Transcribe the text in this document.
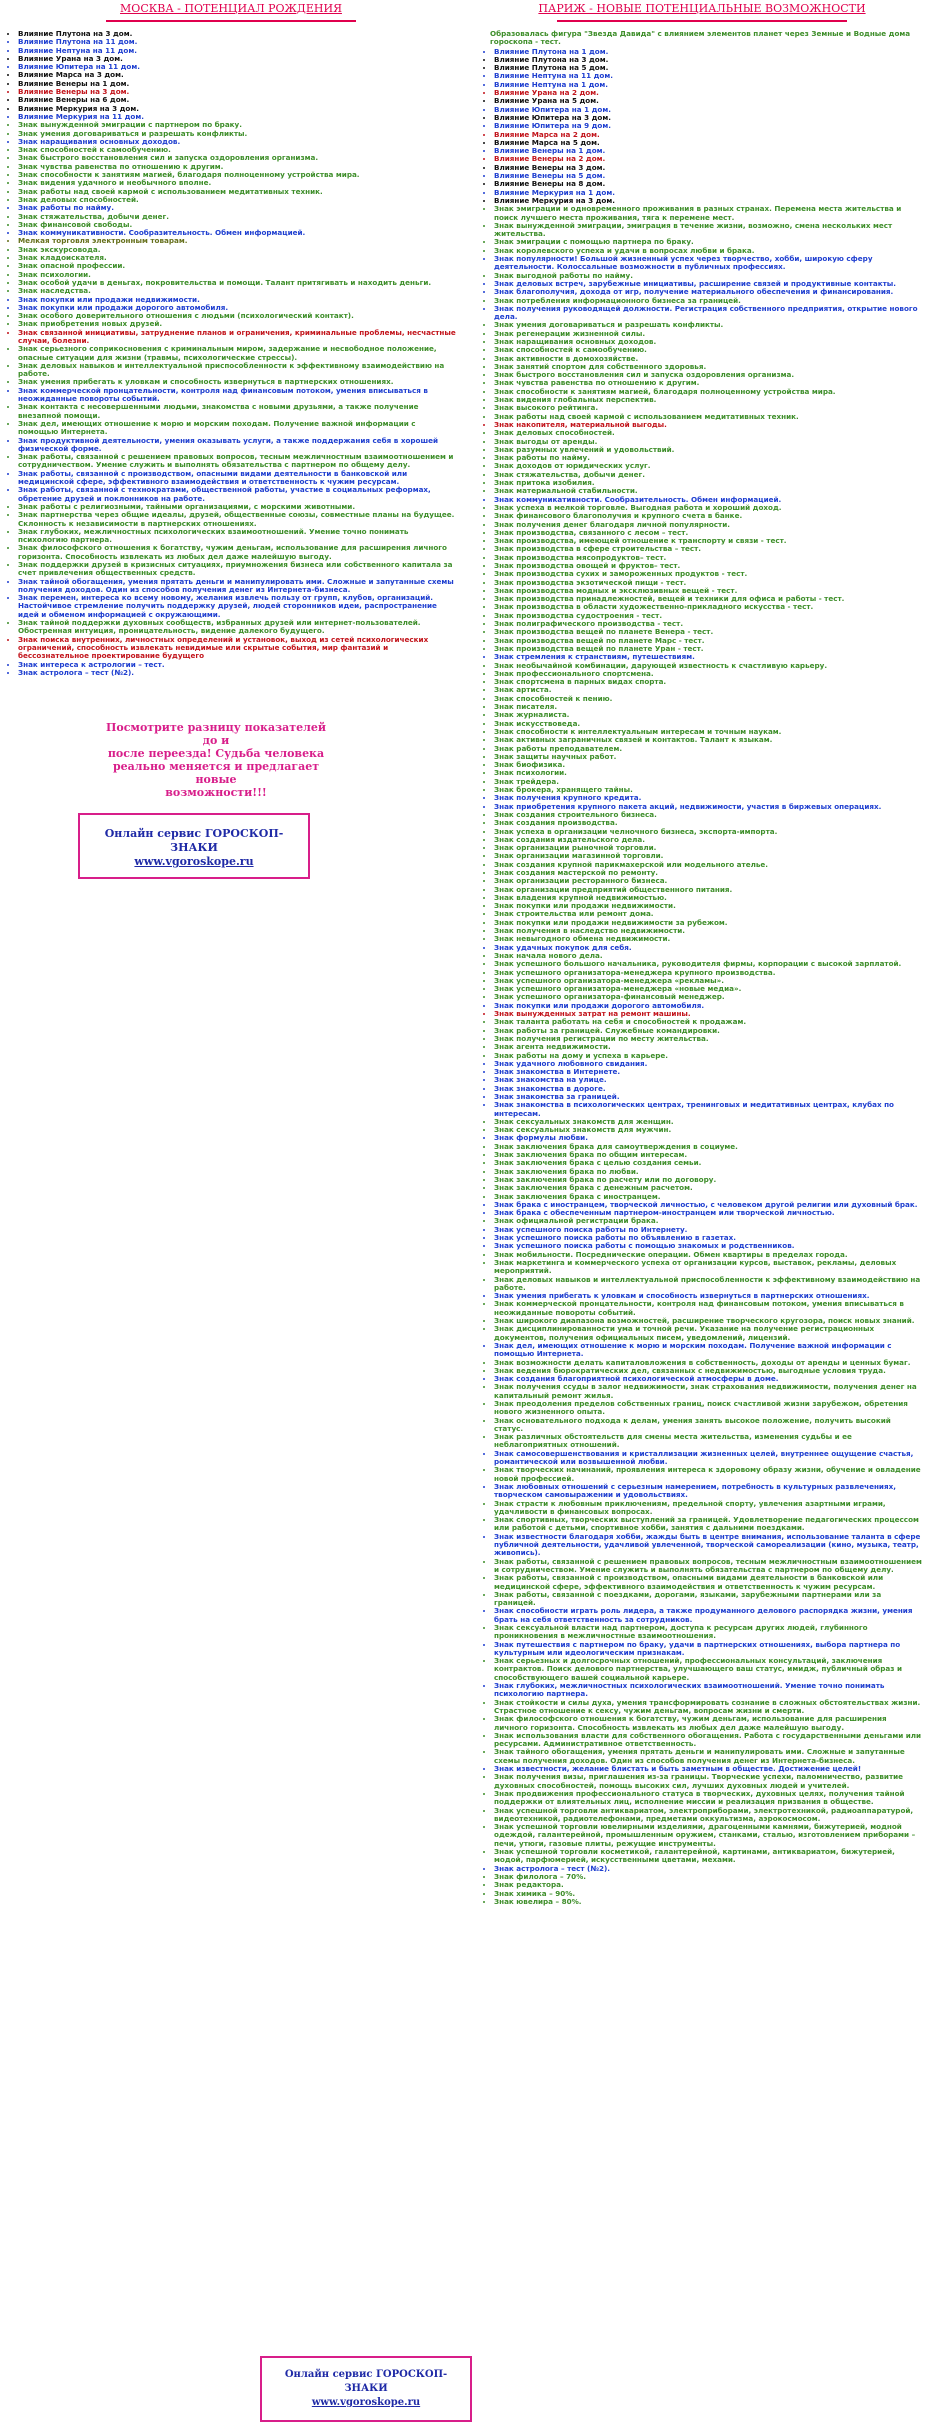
МОСКВА - ПОТЕНЦИАЛ РОЖДЕНИЯ
• Влияние Плутона на 3 дом.
• Влияние Плутона на 11 дом.
• Влияние Нептуна на 11 дом.
• Влияние Урана на 3 дом.
• Влияние Юпитера на 11 дом.
• Влияние Марса на 3 дом.
• Влияние Венеры на 1 дом.
• Влияние Венеры на 3 дом.
• Влияние Венеры на 6 дом.
• Влияние Меркурия на 3 дом.
• Влияние Меркурия на 11 дом.
• Знак вынужденной эмиграции с партнером по браку.
• Знак умения договариваться и разрешать конфликты.
• Знак наращивания основных доходов.
• Знак способностей к самообучению.
• Знак быстрого восстановления сил и запуска оздоровления организма.
• Знак чувства равенства по отношению к другим.
• Знак способности к занятиям магией, благодаря полноценному устройства мира.
• Знак видения удачного и необычного вполне.
• Знак работы над своей кармой с использованием медитативных техник.
• Знак деловых способностей.
• Знак работы по найму.
• Знак стяжательства, добычи денег.
• Знак финансовой свободы.
• Знак коммуникативности. Сообразительность. Обмен информацией.
• Мелкая торговля электронным товарам.
• Знак экскурсовода.
• Знак кладоискателя.
• Знак опасной профессии.
• Знак психологии.
• Знак особой удачи в деньгах, покровительства и помощи. Талант притягивать и находить деньги.
• Знак наследства.
• Знак покупки или продажи недвижимости.
• Знак покупки или продажи дорогого автомобиля.
• Знак особого доверительного отношения с людьми (психологический контакт).
• Знак приобретения новых друзей.
• Знак связанной инициативы, затруднение планов и ограничения, криминальные проблемы, несчастные случаи, болезни.
• Знак серьезного соприкосновения с криминальным миром, задержание и несвободное положение, опасные ситуации для жизни (травмы, психологические стрессы).
• Знак деловых навыков и интеллектуальной приспособленности к эффективному взаимодействию на работе.
• Знак умения прибегать к уловкам и способность извернуться в партнерских отношениях.
• Знак коммерческой пронцательности, контроля над финансовым потоком, умения вписываться в неожиданные повороты событий.
• Знак контакта с несовершенными людьми, знакомства с новыми друзьями, а также получение внезапной помощи.
• Знак дел, имеющих отношение к морю и морским походам. Получение важной информации с помощью Интернета.
• Знак продуктивной деятельности, умения оказывать услуги, а также поддержания себя в хорошей физической форме.
• Знак работы, связанной с решением правовых вопросов, тесным межличностным взаимоотношением и сотрудничеством. Умение служить и выполнять обязательства с партнером по общему делу.
• Знак работы, связанной с производством, опасными видами деятельности в банковской или медицинской сфере, эффективного взаимодействия и ответственность к чужим ресурсам.
• Знак работы, связанной с технократами, общественной работы, участие в социальных реформах, обретение друзей и поклонников на работе.
• Знак работы с религиозными, тайными организациями, с морскими животными.
• Знак партнерства через общие идеалы, друзей, общественные союзы, совместные планы на будущее. Склонность к независимости в партнерских отношениях.
• Знак глубоких, межличностных психологических взаимоотношений. Умение точно понимать психологию партнера.
• Знак философского отношения к богатству, чужим деньгам, использование для расширения личного горизонта. Способность извлекать из любых дел даже малейшую выгоду.
• Знак поддержки друзей в кризисных ситуациях, приумножения бизнеса или собственного капитала за счет привлечения общественных средств.
• Знак тайной обогащения, умения прятать деньги и манипулировать ими. Сложные и запутанные схемы получения доходов. Один из способов получения денег из Интернета-бизнеса.
• Знак перемен, интереса ко всему новому, желания извлечь пользу от групп, клубов, организаций. Настойчивое стремление получить поддержку друзей, людей сторонников идеи, распространение идей и обменом информацией с окружающими.
• Знак тайной поддержки духовных сообществ, избранных друзей или интернет-пользователей. Обостренная интуиция, проницательность, видение далекого будущего.
• Знак поиска внутренних, личностных определений и установок, выход из сетей психологических ограничений, способность извлекать невидимые или скрытые события, мир фантазий и бессознательное проектирование будущего
• Знак интереса к астрологии – тест.
• Знак астролога – тест (№2).
Посмотрите разницу показателей до и
после переезда! Судьба человека
реально меняется и предлагает новые
возможности!!!
Онлайн сервис ГОРОСКОП-ЗНАКИ
www.vgoroskope.ru
ПАРИЖ - НОВЫЕ ПОТЕНЦИАЛЬНЫЕ ВОЗМОЖНОСТИ
Образовалась фигура "Звезда Давида" с влиянием элементов планет через Земные и Водные дома гороскопа - тест.
• Влияние Плутона на 1 дом.
• Влияние Плутона на 3 дом.
• Влияние Плутона на 5 дом.
• Влияние Нептуна на 11 дом.
• Влияние Нептуна на 1 дом.
• Влияние Урана на 2 дом.
• Влияние Урана на 5 дом.
• Влияние Юпитера на 1 дом.
• Влияние Юпитера на 3 дом.
• Влияние Юпитера на 9 дом.
• Влияние Марса на 2 дом.
• Влияние Марса на 5 дом.
• Влияние Венеры на 1 дом.
• Влияние Венеры на 2 дом.
• Влияние Венеры на 3 дом.
• Влияние Венеры на 5 дом.
• Влияние Венеры на 8 дом.
• Влияние Меркурия на 1 дом.
• Влияние Меркурия на 3 дом.
• Знак эмиграции и одновременного проживания в разных странах. Перемена места жительства и поиск лучшего места проживания, тяга к перемене мест.
• Знак вынужденной эмиграции, эмиграция в течение жизни, возможно, смена нескольких мест жительства.
• Знак эмиграции с помощью партнера по браку.
• Знак королевского успеха и удачи в вопросах любви и брака.
• Знак популярности! Большой жизненный успех через творчество, хобби, широкую сферу деятельности. Колоссальные возможности в публичных профессиях.
• Знак выгодной работы по найму.
• Знак деловых встреч, зарубежные инициативы, расширение связей и продуктивные контакты.
• Знак благополучия, дохода от игр, получение материального обеспечения и финансирования.
• Знак потребления информационного бизнеса за границей.
• Знак получения руководящей должности. Регистрация собственного предприятия, открытие нового дела.
• Знак умения договариваться и разрешать конфликты.
• Знак регенерации жизненной силы.
• Знак наращивания основных доходов.
• Знак способностей к самообучению.
• Знак активности в домохозяйстве.
• Знак занятий спортом для собственного здоровья.
• Знак быстрого восстановления сил и запуска оздоровления организма.
• Знак чувства равенства по отношению к другим.
• Знак способности к занятиям магией, благодаря полноценному устройства мира.
• Знак видения глобальных перспектив.
• Знак высокого рейтинга.
• Знак работы над своей кармой с использованием медитативных техник.
• Знак накопителя, материальной выгоды.
• Знак деловых способностей.
• Знак выгоды от аренды.
• Знак разумных увлечений и удовольствий.
• Знак работы по найму.
• Знак доходов от юридических услуг.
• Знак стяжательства, добычи денег.
• Знак притока изобилия.
• Знак материальной стабильности.
• Знак коммуникативности. Сообразительность. Обмен информацией.
• Знак успеха в мелкой торговле. Выгодная работа и хороший доход.
• Знак финансового благополучия и крупного счета в банке.
• Знак получения денег благодаря личной популярности.
• Знак производства, связанного с лесом – тест.
• Знак производства, имеющей отношение к транспорту и связи - тест.
• Знак производства в сфере строительства – тест.
• Знак производства мясопродуктов– тест.
• Знак производства овощей и фруктов– тест.
• Знак производства сухих и замороженных продуктов - тест.
• Знак производства экзотической пищи - тест.
• Знак производства модных и эксклюзивных вещей - тест.
• Знак производства принадлежностей, вещей и техники для офиса и работы - тест.
• Знак производства в области художественно-прикладного искусства - тест.
• Знак производства судостроения - тест.
• Знак полиграфического производства - тест.
• Знак производства вещей по планете Венера - тест.
• Знак производства вещей по планете Марс - тест.
• Знак производства вещей по планете Уран - тест.
• Знак стремления к странствиям, путешествиям.
• Знак необычайной комбинации, дарующей известность к счастливую карьеру.
• Знак профессионального спортсмена.
• Знак спортсмена в парных видах спорта.
• Знак артиста.
• Знак способностей к пению.
• Знак писателя.
• Знак журналиста.
• Знак искусствоведа.
• Знак способности к интеллектуальным интересам и точным наукам.
• Знак активных заграничных связей и контактов. Талант к языкам.
• Знак работы преподавателем.
• Знак защиты научных работ.
• Знак биофизика.
• Знак психологии.
• Знак трейдера.
• Знак брокера, хранящего тайны.
• Знак получения крупного кредита.
• Знак приобретения крупного пакета акций, недвижимости, участия в биржевых операциях.
• Знак создания строительного бизнеса.
• Знак создания производства.
• Знак успеха в организации челночного бизнеса, экспорта-импорта.
• Знак создания издательского дела.
• Знак организации рыночной торговли.
• Знак организации магазинной торговли.
• Знак создания крупной парикмахерской или модельного ателье.
• Знак создания мастерской по ремонту.
• Знак организации ресторанного бизнеса.
• Знак организации предприятий общественного питания.
• Знак владения крупной недвижимостью.
• Знак покупки или продажи недвижимости.
• Знак строительства или ремонт дома.
• Знак покупки или продажи недвижимости за рубежом.
• Знак получения в наследство недвижимости.
• Знак невыгодного обмена недвижимости.
• Знак удачных покупок для себя.
• Знак начала нового дела.
• Знак успешного большого начальника, руководителя фирмы, корпорации с высокой зарплатой.
• Знак успешного организатора-менеджера крупного производства.
• Знак успешного организатора-менеджера «рекламы».
• Знак успешного организатора-менеджера «новые медиа».
• Знак успешного организатора-финансовый менеджер.
• Знак покупки или продажи дорогого автомобиля.
• Знак вынужденных затрат на ремонт машины.
• Знак таланта работать на себя и способностей к продажам.
• Знак работы за границей. Служебные командировки.
• Знак получения регистрации по месту жительства.
• Знак агента недвижимости.
• Знак работы на дому и успеха в карьере.
• Знак удачного любовного свидания.
• Знак знакомства в Интернете.
• Знак знакомства на улице.
• Знак знакомства в дороге.
• Знак знакомства за границей.
• Знак знакомства в психологических центрах, тренинговых и медитативных центрах, клубах по интересам.
• Знак сексуальных знакомств для женщин.
• Знак сексуальных знакомств для мужчин.
• Знак формулы любви.
• Знак заключения брака для самоутверждения в социуме.
• Знак заключения брака по общим интересам.
• Знак заключения брака с целью создания семьи.
• Знак заключения брака по любви.
• Знак заключения брака по расчету или по договору.
• Знак заключения брака с денежным расчетом.
• Знак заключения брака с иностранцем.
• Знак брака с иностранцем, творческой личностью, с человеком другой религии или духовный брак.
• Знак брака с обеспеченным партнером-иностранцем или творческой личностью.
• Знак официальной регистрации брака.
• Знак успешного поиска работы по Интернету.
• Знак успешного поиска работы по объявлению в газетах.
• Знак успешного поиска работы с помощью знакомых и родственников.
• Знак мобильности. Посреднические операции. Обмен квартиры в пределах города.
• Знак маркетинга и коммерческого успеха от организации курсов, выставок, рекламы, деловых мероприятий.
• Знак деловых навыков и интеллектуальной приспособленности к эффективному взаимодействию на работе.
• Знак умения прибегать к уловкам и способность извернуться в партнерских отношениях.
• Знак коммерческой пронцательности, контроля над финансовым потоком, умения вписываться в неожиданные повороты событий.
• Знак широкого диапазона возможностей, расширение творческого кругозора, поиск новых знаний.
• Знак дисциплинированности ума и точной речи. Указание на получение регистрационных документов, получения официальных писем, уведомлений, лицензий.
• Знак дел, имеющих отношение к морю и морским походам. Получение важной информации с помощью Интернета.
• Знак возможности делать капиталовложения в собственность, доходы от аренды и ценных бумаг.
• Знак ведения бюрократических дел, связанных с недвижимостью, выгодные условия труда.
• Знак создания благоприятной психологической атмосферы в доме.
• Знак получения ссуды в залог недвижимости, знак страхования недвижимости, получения денег на капитальный ремонт жилья.
• Знак преодоления пределов собственных границ, поиск счастливой жизни зарубежом, обретения нового жизненного опыта.
• Знак основательного подхода к делам, умения занять высокое положение, получить высокий статус.
• Знак различных обстоятельств для смены места жительства, изменения судьбы и ее неблагоприятных отношений.
• Знак самосовершенствования и кристаллизации жизненных целей, внутреннее ощущение счастья, романтической или возвышенной любви.
• Знак творческих начинаний, проявления интереса к здоровому образу жизни, обучение и овладение новой профессией.
• Знак любовных отношений с серьезным намерением, потребность в культурных развлечениях, творческом самовыражении и удовольствиях.
• Знак страсти к любовным приключениям, предельной спорту, увлечения азартными играми, удачливости в финансовых вопросах.
• Знак спортивных, творческих выступлений за границей. Удовлетворение педагогических процессом или работой с детьми, спортивное хобби, занятия с дальними поездками.
• Знак известности благодаря хобби, жажды быть в центре внимания, использование таланта в сфере публичной деятельности, удачливой увлеченной, творческой самореализации (кино, музыка, театр, живопись).
• Знак работы, связанной с решением правовых вопросов, тесным межличностным взаимоотношением и сотрудничеством. Умение служить и выполнять обязательства с партнером по общему делу.
• Знак работы, связанной с производством, опасными видами деятельности в банковской или медицинской сфере, эффективного взаимодействия и ответственность к чужим ресурсам.
• Знак работы, связанной с поездками, дорогами, языками, зарубежными партнерами или за границей.
• Знак способности играть роль лидера, а также продуманного делового распорядка жизни, умения брать на себя ответственность за сотрудников.
• Знак сексуальной власти над партнером, доступа к ресурсам других людей, глубинного проникновения в межличностные взаимоотношения.
• Знак путешествия с партнером по браку, удачи в партнерских отношениях, выбора партнера по культурным или идеологическим признакам.
• Знак серьезных и долгосрочных отношений, профессиональных консультаций, заключения контрактов. Поиск делового партнерства, улучшающего ваш статус, имидж, публичный образ и способствующего вашей социальной карьере.
• Знак глубоких, межличностных психологических взаимоотношений. Умение точно понимать психологию партнера.
• Знак стойкости и силы духа, умения трансформировать сознание в сложных обстоятельствах жизни. Страстное отношение к сексу, чужим деньгам, вопросам жизни и смерти.
• Знак философского отношения к богатству, чужим деньгам, использование для расширения личного горизонта. Способность извлекать из любых дел даже малейшую выгоду.
• Знак использования власти для собственного обогащения. Работа с государственными деньгами или ресурсами. Административное ответственность.
• Знак тайного обогащения, умения прятать деньги и манипулировать ими. Сложные и запутанные схемы получения доходов. Один из способов получения денег из Интернета-бизнеса.
• Знак известности, желание блистать и быть заметным в обществе. Достижение целей!
• Знак получения визы, приглашения из-за границы. Творческие успехи, паломничество, развитие духовных способностей, помощь высоких сил, лучших духовных людей и учителей.
• Знак продвижения профессионального статуса в творческих, духовных целях, получения тайной поддержки от влиятельных лиц, исполнение миссии и реализация призвания в обществе.
• Знак успешной торговли антиквариатом, электроприборами, электротехникой, радиоаппаратурой, видеотехникой, радиотелефонами, предметами оккультизма, аэрокосмосом.
• Знак успешной торговли ювелирными изделиями, драгоценными камнями, бижутерией, модной одеждой, галантерейной, промышленным оружием, станками, сталью, изготовлением приборами – печи, утюги, газовые плиты, режущие инструменты.
• Знак успешной торговли косметикой, галантерейной, картинами, антиквариатом, бижутерией, модой, парфюмерией, искусственными цветами, мехами.
• Знак астролога – тест (№2).
• Знак филолога – 70%.
• Знак редактора.
• Знак химика – 90%.
• Знак ювелира – 80%.
Онлайн сервис ГОРОСКОП-ЗНАКИ
www.vgoroskope.ru
